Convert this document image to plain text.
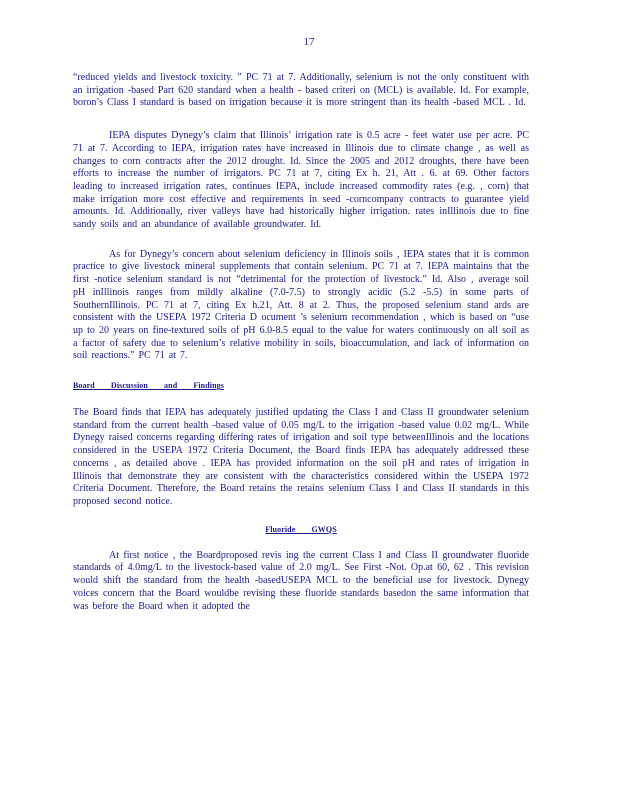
17

“reduced yields and livestock toxicity. ” PC 71 at 7. Additionally, selenium is not the only constituent with an irrigation -based Part 620 standard when a health - based criteri on (MCL) is available. Id. For example, boron’s Class I standard is based on irrigation because it is more stringent than its health -based MCL . Id.

IEPA disputes Dynegy’s claim that Illinois’ irrigation rate is 0.5 acre - feet water use per acre. PC 71 at 7. According to IEPA, irrigation rates have increased in Illinois due to climate change , as well as changes to corn contracts after the 2012 drought. Id. Since the 2005 and 2012 droughts, there have been efforts to increase the number of irrigators. PC 71 at 7, citing Ex h. 21, Att . 6. at 69. Other factors leading to increased irrigation rates, continues IEPA, include increased commodity rates (e.g. , corn) that make irrigation more cost effective and requirements in seed -corncompany contracts to guarantee yield amounts. Id. Additionally, river valleys have had historically higher irrigation. rates inIllinois due to fine sandy soils and an abundance of available groundwater. Id.

As for Dynegy’s concern about selenium deficiency in Illinois soils , IEPA states that it is common practice to give livestock mineral supplements that contain selenium. PC 71 at 7. IEPA maintains that the first -notice selenium standard is not “detrimental for the protection of livestock.” Id. Also , average soil pH inIllinois ranges from mildly alkaline (7.0-7.5) to strongly acidic (5.2 -5.5) in some parts of SouthernIllinois. PC 71 at 7, citing Ex h.21, Att. 8 at 2. Thus, the proposed selenium stand ards are consistent with the USEPA 1972 Criteria D ocument ’s selenium recommendation , which is based on “use up to 20 years on fine-textured soils of pH 6.0-8.5 equal to the value for waters continuously on all soil as a factor of safety due to selenium’s relative mobility in soils, bioaccumulation, and lack of information on soil reactions.” PC 71 at 7.

Board Discussion and Findings

The Board finds that IEPA has adequately justified updating the Class I and Class II groundwater selenium standard from the current health -based value of 0.05 mg/L to the irrigation -based value 0.02 mg/L. While Dynegy raised concerns regarding differing rates of irrigation and soil type betweenIllinois and the locations considered in the USEPA 1972 Criteria Document, the Board finds IEPA has adequately addressed these concerns , as detailed above . IEPA has provided information on the soil pH and rates of irrigation in Illinois that demonstrate they are consistent with the characteristics considered within the USEPA 1972 Criteria Document. Therefore, the Board retains the retains selenium Class I and Class II standards in this proposed second notice.

Fluoride GWQS

At first notice , the Boardproposed revis ing the current Class I and Class II groundwater fluoride standards of 4.0mg/L to the livestock-based value of 2.0 mg/L. See First -Not. Op.at 60, 62 . This revision would shift the standard from the health -basedUSEPA MCL to the beneficial use for livestock. Dynegy voices concern that the Board wouldbe revising these fluoride standards basedon the same information that was before the Board when it adopted the
